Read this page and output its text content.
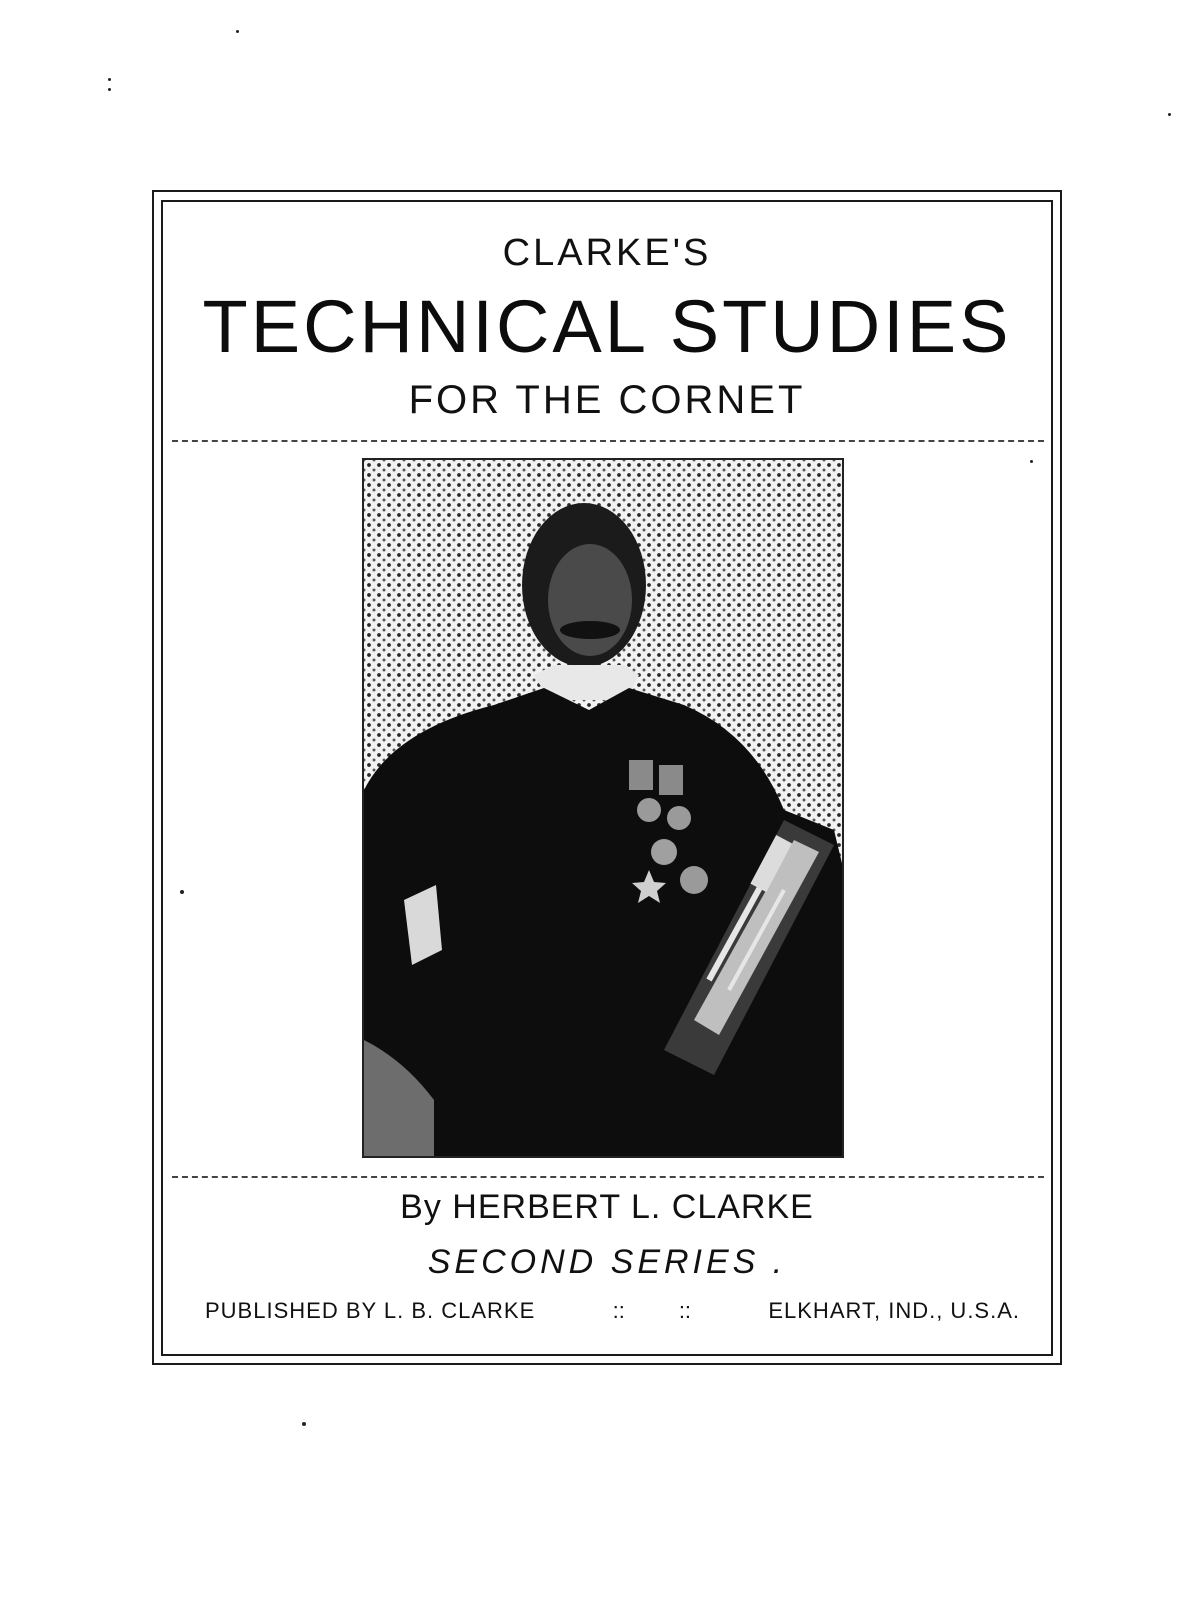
CLARKE'S
TECHNICAL STUDIES
FOR THE CORNET
By HERBERT L. CLARKE
SECOND SERIES .
PUBLISHED BY L. B. CLARKE	:: ::	ELKHART, IND., U.S.A.
